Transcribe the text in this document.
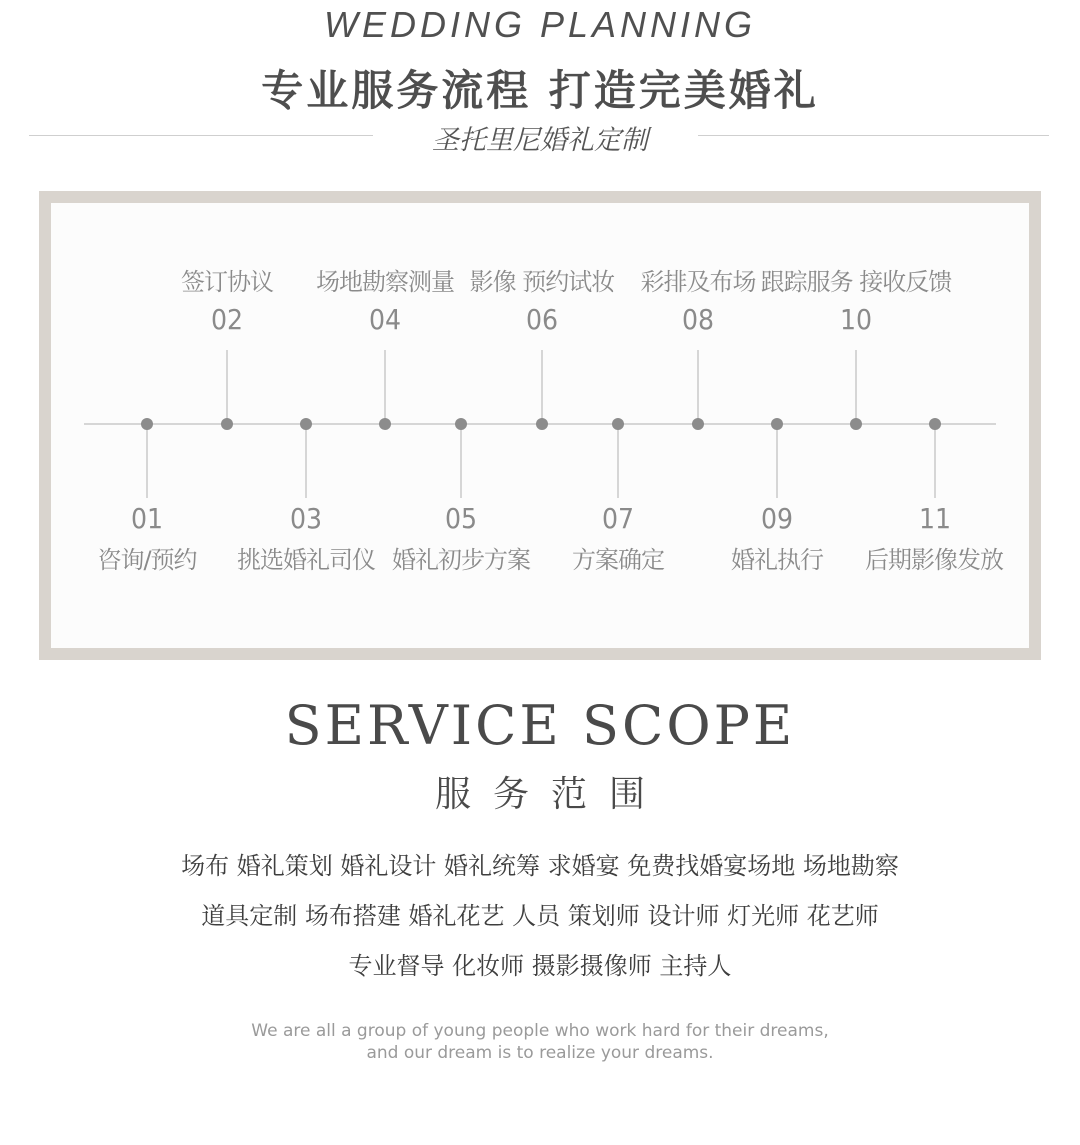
WEDDING PLANNING
专业服务流程 打造完美婚礼
圣托里尼婚礼定制
01
咨询/预约
02
签订协议
03
挑选婚礼司仪
04
场地勘察测量
05
婚礼初步方案
06
影像 预约试妆
07
方案确定
08
彩排及布场
09
婚礼执行
10
跟踪服务 接收反馈
11
后期影像发放
SERVICE SCOPE
服务范围
场布 婚礼策划 婚礼设计 婚礼统筹 求婚宴 免费找婚宴场地 场地勘察
道具定制 场布搭建 婚礼花艺 人员 策划师 设计师 灯光师 花艺师
专业督导 化妆师 摄影摄像师 主持人
We are all a group of young people who work hard for their dreams,
and our dream is to realize your dreams.
